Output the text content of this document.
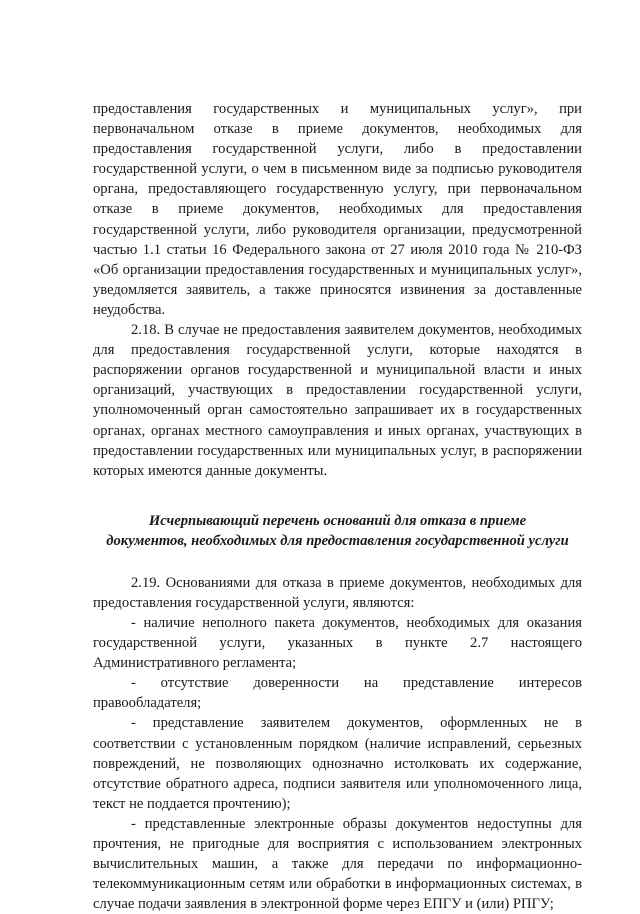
предоставления государственных и муниципальных услуг», при первоначальном отказе в приеме документов, необходимых для предоставления государственной услуги, либо в предоставлении государственной услуги, о чем в письменном виде за подписью руководителя органа, предоставляющего государственную услугу, при первоначальном отказе в приеме документов, необходимых для предоставления государственной услуги, либо руководителя организации, предусмотренной частью 1.1 статьи 16 Федерального закона от 27 июля 2010 года № 210-ФЗ «Об организации предоставления государственных и муниципальных услуг», уведомляется заявитель, а также приносятся извинения за доставленные неудобства.

2.18. В случае не предоставления заявителем документов, необходимых для предоставления государственной услуги, которые находятся в распоряжении органов государственной и муниципальной власти и иных организаций, участвующих в предоставлении государственной услуги, уполномоченный орган самостоятельно запрашивает их в государственных органах, органах местного самоуправления и иных органах, участвующих в предоставлении государственных или муниципальных услуг, в распоряжении которых имеются данные документы.

Исчерпывающий перечень оснований для отказа в приеме
документов, необходимых для предоставления государственной услуги

2.19. Основаниями для отказа в приеме документов, необходимых для предоставления государственной услуги, являются:

- наличие неполного пакета документов, необходимых для оказания государственной услуги, указанных в пункте 2.7 настоящего Административного регламента;

- отсутствие доверенности на представление интересов правообладателя;

- представление заявителем документов, оформленных не в соответствии с установленным порядком (наличие исправлений, серьезных повреждений, не позволяющих однозначно истолковать их содержание, отсутствие обратного адреса, подписи заявителя или уполномоченного лица, текст не поддается прочтению);

- представленные электронные образы документов недоступны для прочтения, не пригодные для восприятия с использованием электронных вычислительных машин, а также для передачи по информационно-телекоммуникационным сетям или обработки в информационных системах, в случае подачи заявления в электронной форме через ЕПГУ и (или) РПГУ;
